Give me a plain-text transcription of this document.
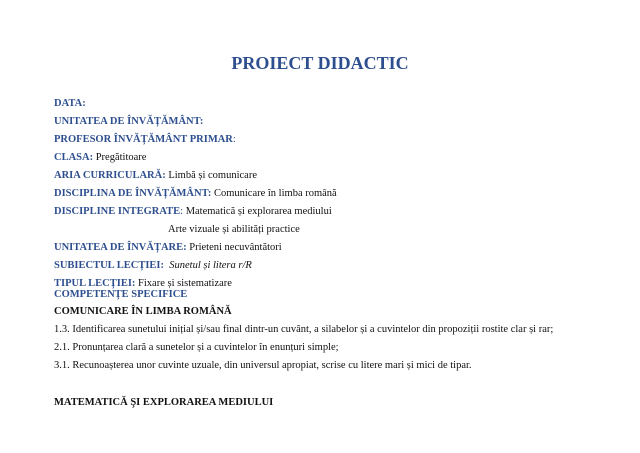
PROIECT DIDACTIC
DATA:
UNITATEA DE ÎNVĂȚĂMÂNT:
PROFESOR ÎNVĂȚĂMÂNT PRIMAR:
CLASA: Pregătitoare
ARIA CURRICULARĂ: Limbă și comunicare
DISCIPLINA DE ÎNVĂȚĂMÂNT: Comunicare în limba română
DISCIPLINE INTEGRATE: Matematică și explorarea mediului
Arte vizuale și abilități practice
UNITATEA DE ÎNVĂȚARE: Prieteni necuvântători
SUBIECTUL LECȚIEI:  Sunetul și litera r/R
TIPUL LECȚIEI: Fixare și sistematizare
COMPETENȚE SPECIFICE
COMUNICARE ÎN LIMBA ROMÂNĂ
1.3. Identificarea sunetului inițial și/sau final dintr-un cuvânt, a silabelor și a cuvintelor din propoziții rostite clar și rar;
2.1. Pronunțarea clară a sunetelor și a cuvintelor în enunțuri simple;
3.1. Recunoașterea unor cuvinte uzuale, din universul apropiat, scrise cu litere mari și mici de tipar.
MATEMATICĂ ŞI EXPLORAREA MEDIULUI
